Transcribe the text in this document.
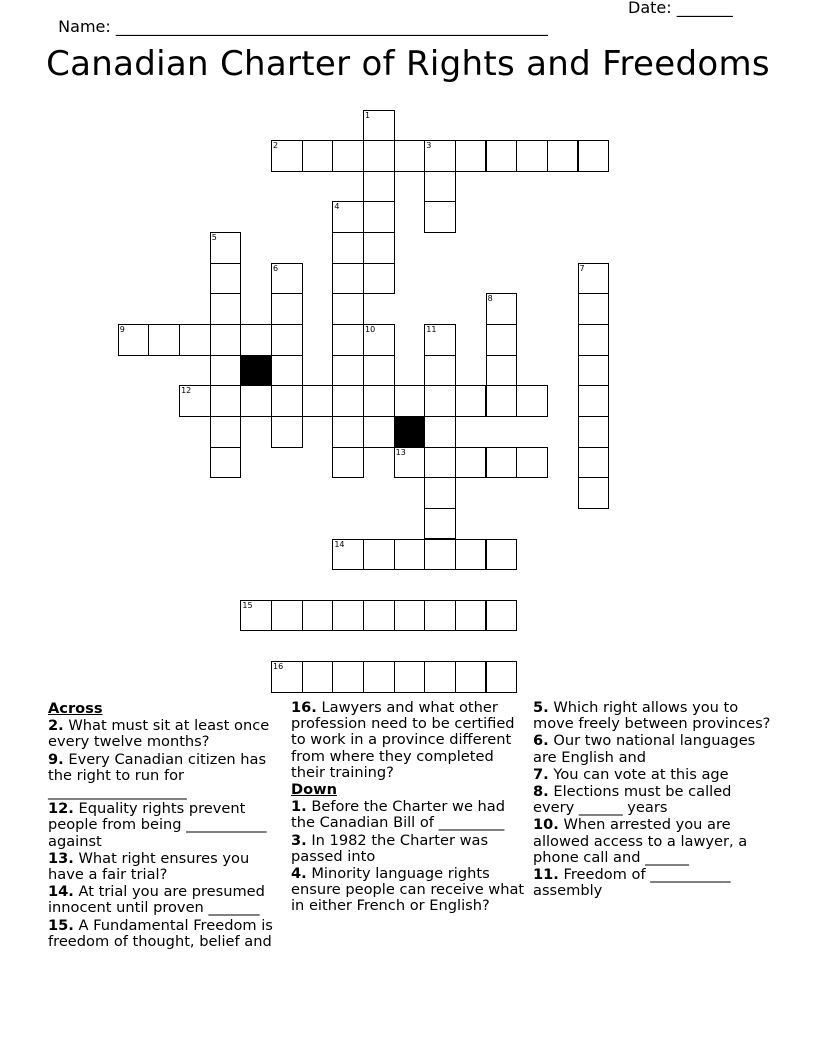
Name: ______________________________________________________

Date: _______

Canadian Charter of Rights and Freedoms
1
2	3
4
5
6	7
8
9	10	11
12
13
14
15
16
Across
2. What must sit at least once every twelve months?
9. Every Canadian citizen has the right to run for ___________________
12. Equality rights prevent people from being ___________ against
13. What right ensures you have a fair trial?
14. At trial you are presumed innocent until proven _______
15. A Fundamental Freedom is freedom of thought, belief and
16. Lawyers and what other profession need to be certified to work in a province different from where they completed their training?
Down
1. Before the Charter we had the Canadian Bill of _________
3. In 1982 the Charter was passed into
4. Minority language rights ensure people can receive what in either French or English?
5. Which right allows you to move freely between provinces?
6. Our two national languages are English and
7. You can vote at this age
8. Elections must be called every ______ years
10. When arrested you are allowed access to a lawyer, a phone call and ______
11. Freedom of ___________ assembly
